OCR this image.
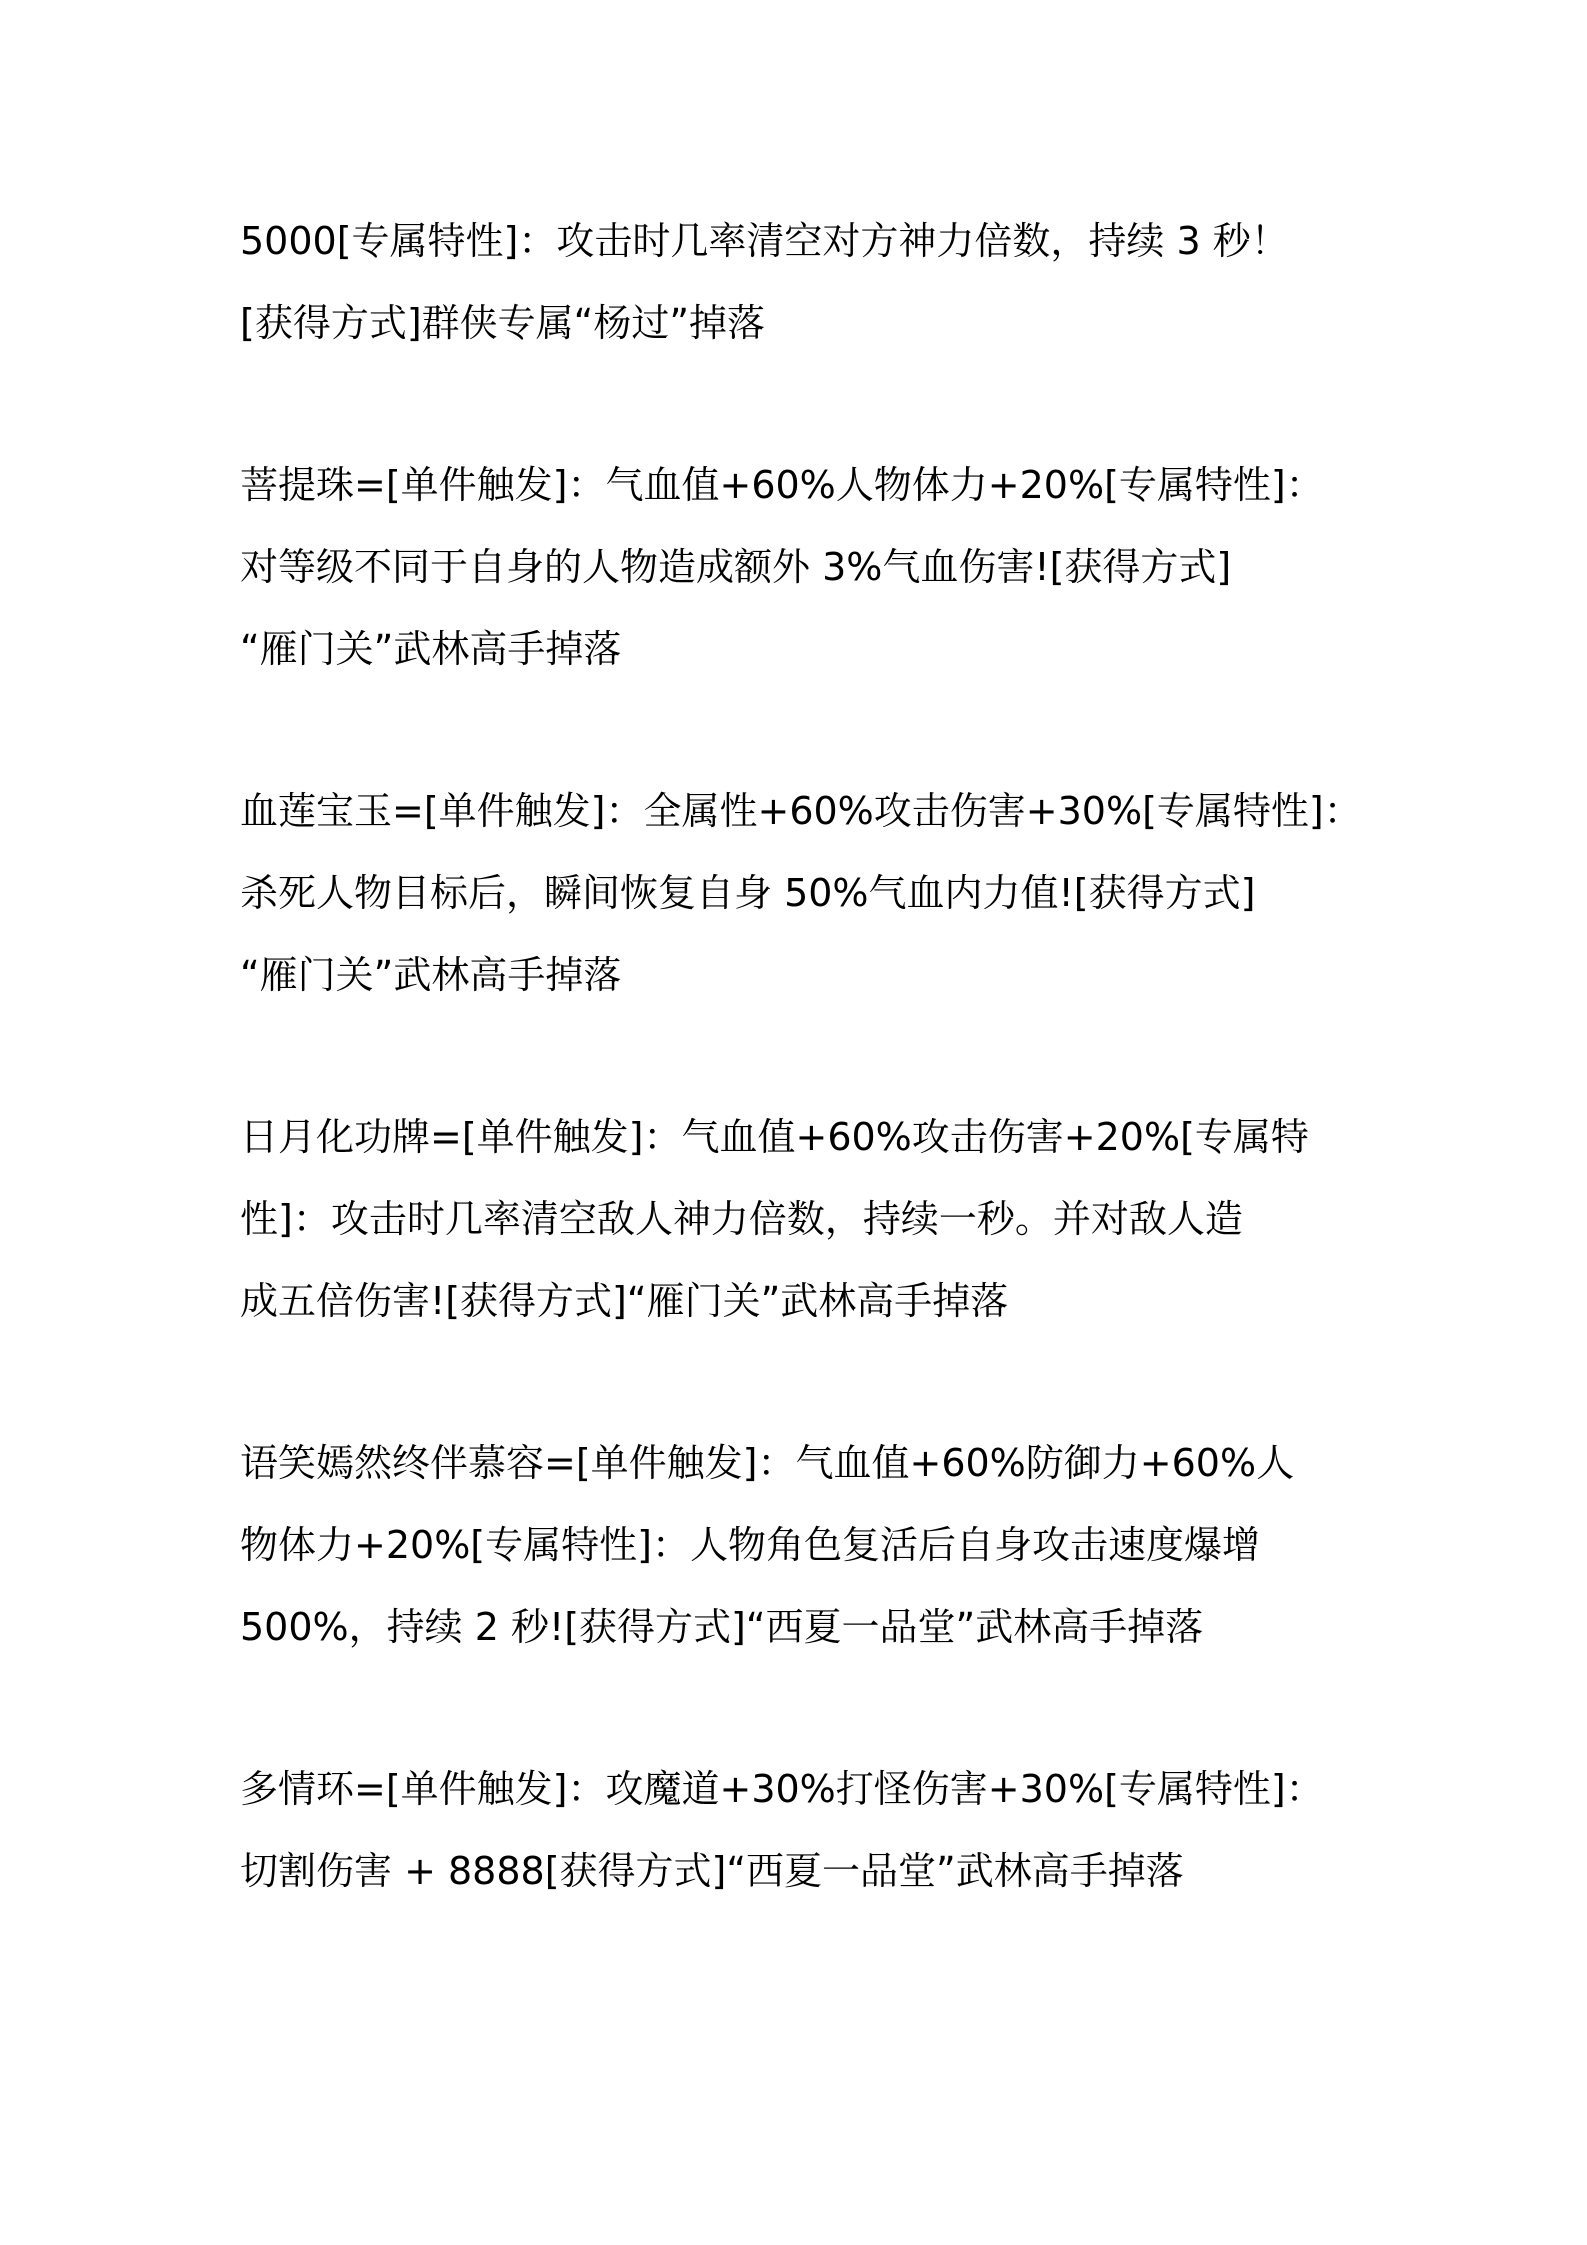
5000[专属特性]：攻击时几率清空对方神力倍数，持续 3 秒！
[获得方式]群侠专属“杨过”掉落
菩提珠=[单件触发]：气血值+60%人物体力+20%[专属特性]：
对等级不同于自身的人物造成额外 3%气血伤害![获得方式]
“雁门关”武林高手掉落
血莲宝玉=[单件触发]：全属性+60%攻击伤害+30%[专属特性]：
杀死人物目标后，瞬间恢复自身 50%气血内力值![获得方式]
“雁门关”武林高手掉落
日月化功牌=[单件触发]：气血值+60%攻击伤害+20%[专属特
性]：攻击时几率清空敌人神力倍数，持续一秒。并对敌人造
成五倍伤害![获得方式]“雁门关”武林高手掉落
语笑嫣然终伴慕容=[单件触发]：气血值+60%防御力+60%人
物体力+20%[专属特性]：人物角色复活后自身攻击速度爆增
500%，持续 2 秒![获得方式]“西夏一品堂”武林高手掉落
多情环=[单件触发]：攻魔道+30%打怪伤害+30%[专属特性]：
切割伤害 + 8888[获得方式]“西夏一品堂”武林高手掉落
